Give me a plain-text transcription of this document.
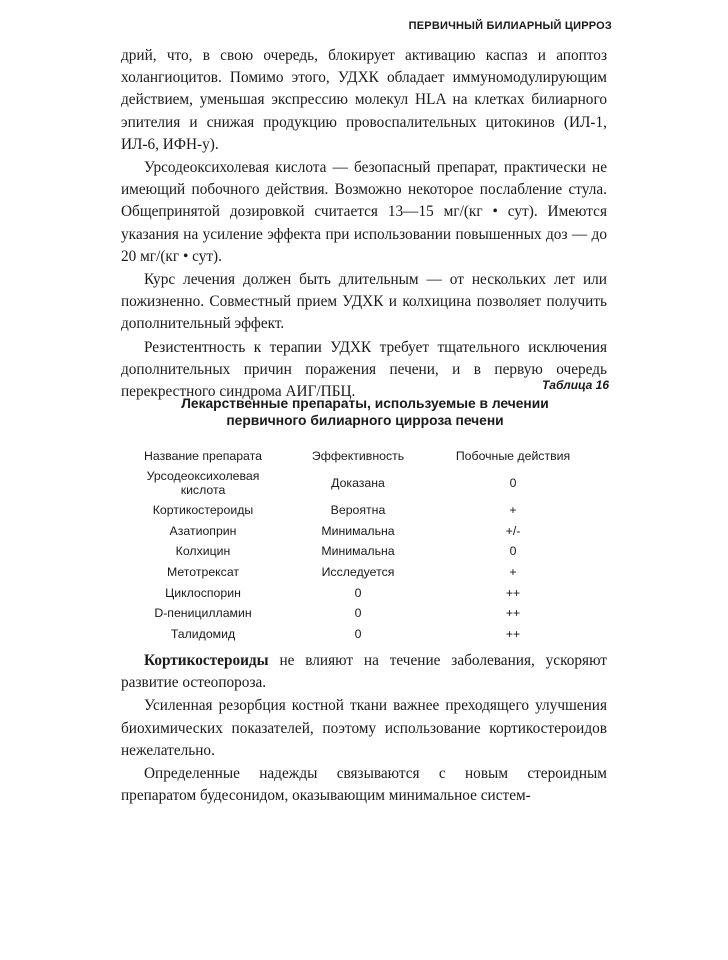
ПЕРВИЧНЫЙ БИЛИАРНЫЙ ЦИРРОЗ

дрий, что, в свою очередь, блокирует активацию каспаз и апоптоз холангиоцитов. Помимо этого, УДХК обладает иммуномодулирующим действием, уменьшая экспрессию молекул HLA на клетках билиарного эпителия и снижая продукцию провоспалительных цитокинов (ИЛ-1, ИЛ-6, ИФН-у).

Урсодеоксихолевая кислота — безопасный препарат, практически не имеющий побочного действия. Возможно некоторое послабление стула. Общепринятой дозировкой считается 13—15 мг/(кг • сут). Имеются указания на усиление эффекта при использовании повышенных доз — до 20 мг/(кг • сут).

Курс лечения должен быть длительным — от нескольких лет или пожизненно. Совместный прием УДХК и колхицина позволяет получить дополнительный эффект.

Резистентность к терапии УДХК требует тщательного исключения дополнительных причин поражения печени, и в первую очередь перекрестного синдрома АИГ/ПБЦ.	Таблица 16
Лекарственные препараты, используемые в лечении
первичного билиарного цирроза печени
Название препарата	Эффективность	Побочные действия
Урсодеоксихолевая кислота	Доказана	0
Кортикостероиды	Вероятна	+
Азатиоприн	Минимальна	+/-
Колхицин	Минимальна	0
Метотрексат	Исследуется	+
Циклоспорин	0	++
D-пеницилламин	0	++
Талидомид	0	++

Кортикостероиды не влияют на течение заболевания, ускоряют развитие остеопороза.

Усиленная резорбция костной ткани важнее преходящего улучшения биохимических показателей, поэтому использование кортикостероидов нежелательно.

Определенные надежды связываются с новым стероидным препаратом будесонидом, оказывающим минимальное систем-
